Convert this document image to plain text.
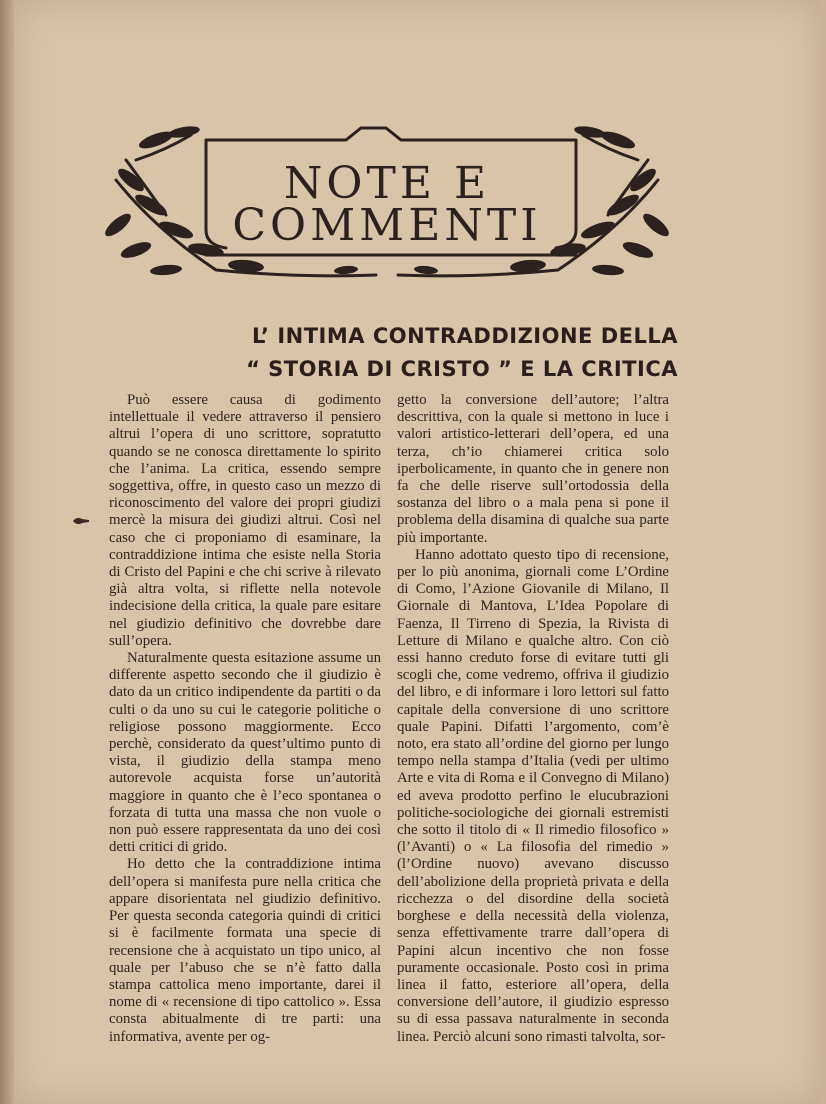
NOTE E
COMMENTI
L’ INTIMA CONTRADDIZIONE DELLA
“ STORIA DI CRISTO ” E LA CRITICA

Può essere causa di godimento intellettuale il vedere attraverso il pensiero altrui l’opera di uno scrittore, sopratutto quando se ne conosca direttamente lo spirito che l’anima. La critica, essendo sempre soggettiva, offre, in questo caso un mezzo di riconoscimento del valore dei propri giudizi mercè la misura dei giudizi altrui. Così nel caso che ci proponiamo di esaminare, la contraddizione intima che esiste nella Storia di Cristo del Papini e che chi scrive à rilevato già altra volta, si riflette nella notevole indecisione della critica, la quale pare esitare nel giudizio definitivo che dovrebbe dare sull’opera.

Naturalmente questa esitazione assume un differente aspetto secondo che il giudizio è dato da un critico indipendente da partiti o da culti o da uno su cui le categorie politiche o religiose possono maggiormente. Ecco perchè, considerato da quest’ultimo punto di vista, il giudizio della stampa meno autorevole acquista forse un’autorità maggiore in quanto che è l’eco spontanea o forzata di tutta una massa che non vuole o non può essere rappresentata da uno dei così detti critici di grido.

Ho detto che la contraddizione intima dell’opera si manifesta pure nella critica che appare disorientata nel giudizio definitivo. Per questa seconda categoria quindi di critici si è facilmente formata una specie di recensione che à acquistato un tipo unico, al quale per l’abuso che se n’è fatto dalla stampa cattolica meno importante, darei il nome di « recensione di tipo cattolico ». Essa consta abitualmente di tre parti: una informativa, avente per og-

getto la conversione dell’autore; l’altra descrittiva, con la quale si mettono in luce i valori artistico-letterari dell’opera, ed una terza, ch’io chiamerei critica solo iperbolicamente, in quanto che in genere non fa che delle riserve sull’ortodossia della sostanza del libro o a mala pena si pone il problema della disamina di qualche sua parte più importante.

Hanno adottato questo tipo di recensione, per lo più anonima, giornali come L’Ordine di Como, l’Azione Giovanile di Milano, Il Giornale di Mantova, L’Idea Popolare di Faenza, Il Tirreno di Spezia, la Rivista di Letture di Milano e qualche altro. Con ciò essi hanno creduto forse di evitare tutti gli scogli che, come vedremo, offriva il giudizio del libro, e di informare i loro lettori sul fatto capitale della conversione di uno scrittore quale Papini. Difatti l’argomento, com’è noto, era stato all’ordine del giorno per lungo tempo nella stampa d’Italia (vedi per ultimo Arte e vita di Roma e il Convegno di Milano) ed aveva prodotto perfino le elucubrazioni politiche-sociologiche dei giornali estremisti che sotto il titolo di « Il rimedio filosofico » (l’Avanti) o « La filosofia del rimedio » (l’Ordine nuovo) avevano discusso dell’abolizione della proprietà privata e della ricchezza o del disordine della società borghese e della necessità della violenza, senza effettivamente trarre dall’opera di Papini alcun incentivo che non fosse puramente occasionale. Posto così in prima linea il fatto, esteriore all’opera, della conversione dell’autore, il giudizio espresso su di essa passava naturalmente in seconda linea. Perciò alcuni sono rimasti talvolta, sor-
